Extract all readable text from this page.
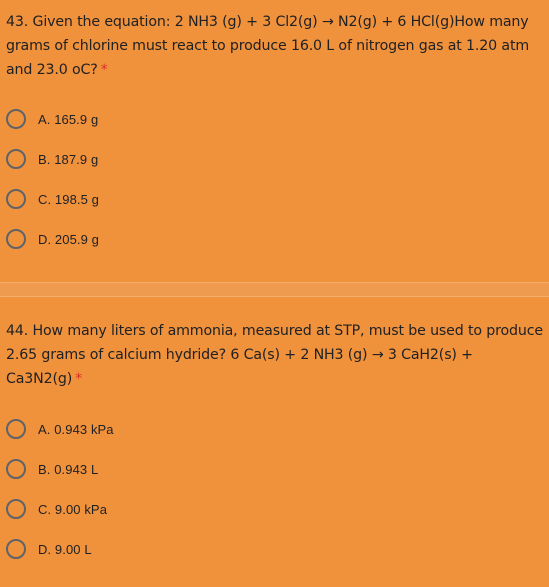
43. Given the equation: 2 NH3 (g) + 3 Cl2(g) → N2(g) + 6 HCl(g)How many grams of chlorine must react to produce 16.0 L of nitrogen gas at 1.20 atm and 23.0 oC? *
A. 165.9 g
B. 187.9 g
C. 198.5 g
D. 205.9 g
44. How many liters of ammonia, measured at STP, must be used to produce 2.65 grams of calcium hydride? 6 Ca(s) + 2 NH3 (g) → 3 CaH2(s) + Ca3N2(g) *
A. 0.943 kPa
B. 0.943 L
C. 9.00 kPa
D. 9.00 L
